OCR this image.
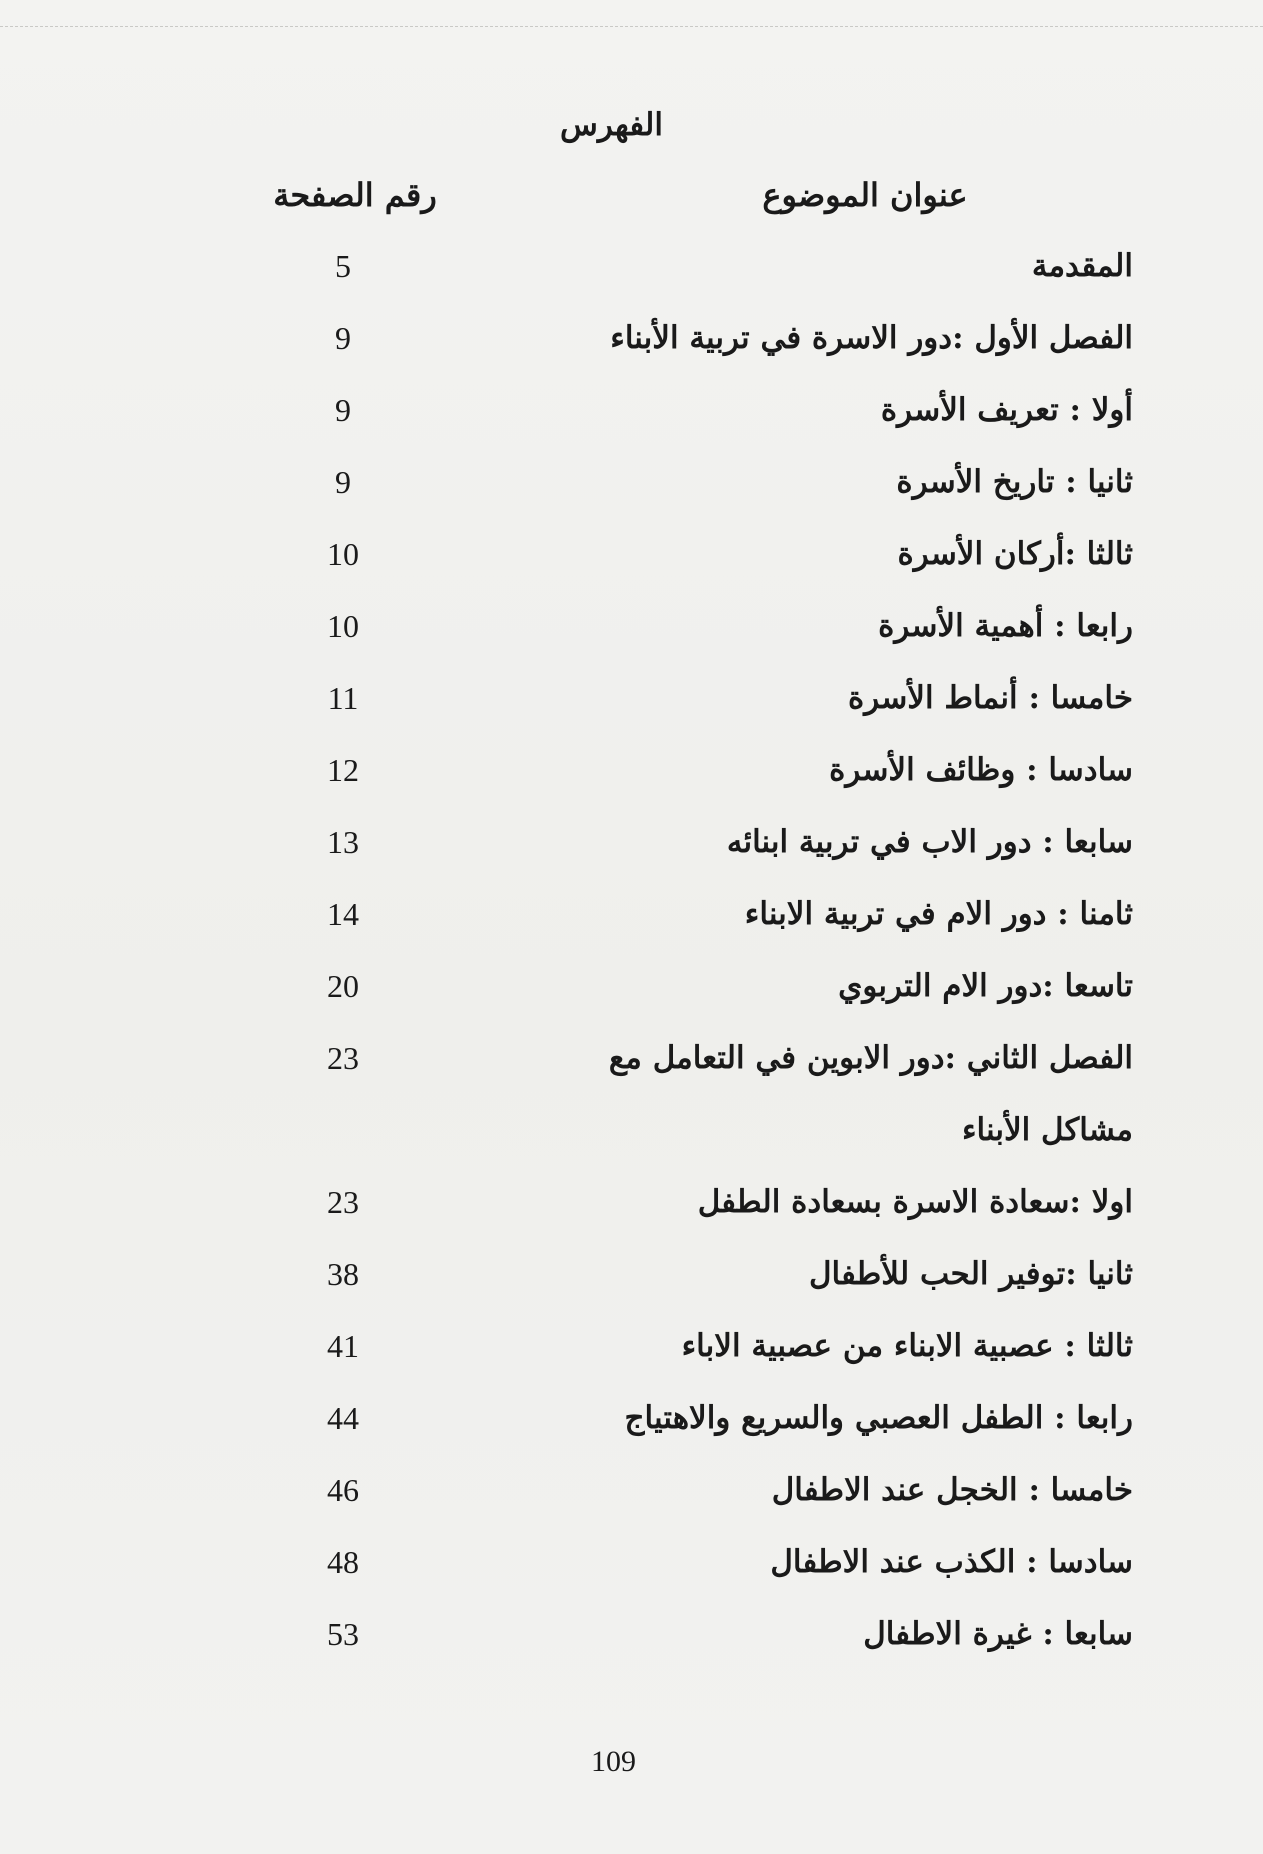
الفهرس
عنوان الموضوع
رقم الصفحة
المقدمة
5
الفصل الأول :دور الاسرة في تربية الأبناء
9
أولا : تعريف الأسرة
9
ثانيا : تاريخ الأسرة
9
ثالثا :أركان الأسرة
10
رابعا : أهمية الأسرة
10
خامسا : أنماط الأسرة
11
سادسا : وظائف الأسرة
12
سابعا : دور الاب في تربية ابنائه
13
ثامنا : دور الام في تربية الابناء
14
تاسعا :دور الام التربوي
20
الفصل الثاني :دور الابوين في التعامل مع
23
مشاكل الأبناء
اولا :سعادة الاسرة بسعادة الطفل
23
ثانيا :توفير الحب للأطفال
38
ثالثا : عصبية الابناء من عصبية الاباء
41
رابعا : الطفل العصبي والسريع والاهتياج
44
خامسا : الخجل عند الاطفال
46
سادسا : الكذب عند الاطفال
48
سابعا : غيرة الاطفال
53
109
